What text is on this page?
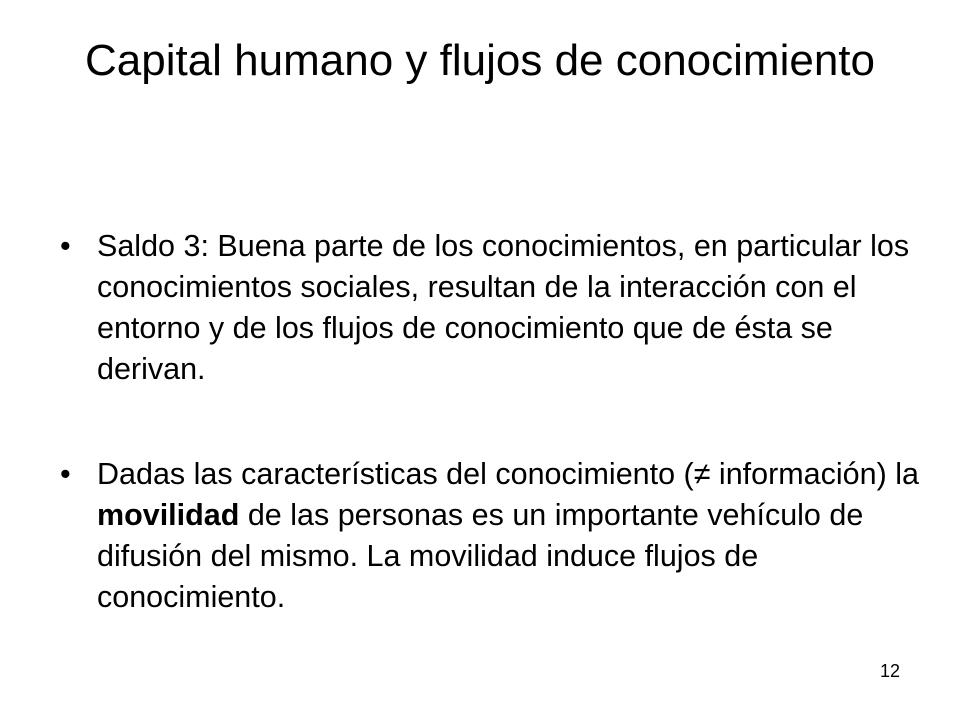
Capital humano y flujos de conocimiento
• Saldo 3: Buena parte de los conocimientos, en particular los conocimientos sociales, resultan de la interacción con el entorno y de los flujos de conocimiento que de ésta se derivan.
• Dadas las características del conocimiento (≠ información) la movilidad de las personas es un importante vehículo de difusión del mismo. La movilidad induce flujos de conocimiento.
12
